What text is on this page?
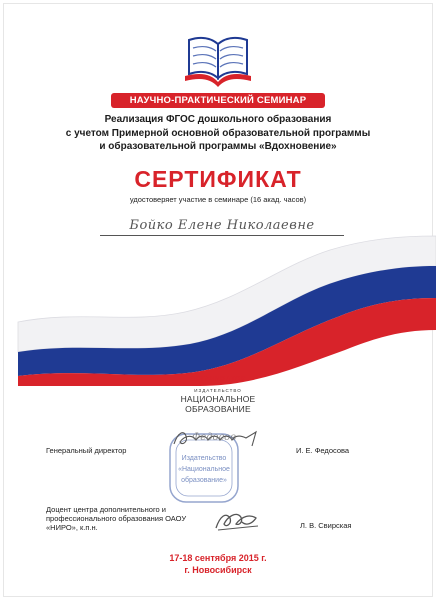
НАУЧНО-ПРАКТИЧЕСКИЙ СЕМИНАР
Реализация ФГОС дошкольного образования
с учетом Примерной основной образовательной программы
и образовательной программы «Вдохновение»
СЕРТИФИКАТ
удостоверяет участие в семинаре (16 акад. часов)
Бойко Елене Николаевне
ОРГАНИЗАТОР
ИЗДАТЕЛЬСТВО
НАЦИОНАЛЬНОЕ
ОБРАЗОВАНИЕ
Издательство
«Национальное
образование»
Федосов
Генеральный директор	И. Е. Федосова
Доцент центра дополнительного и профессионального образования ОАОУ «НИРО», к.п.н.	Л. В. Свирская
17-18 сентября 2015 г.
г. Новосибирск
